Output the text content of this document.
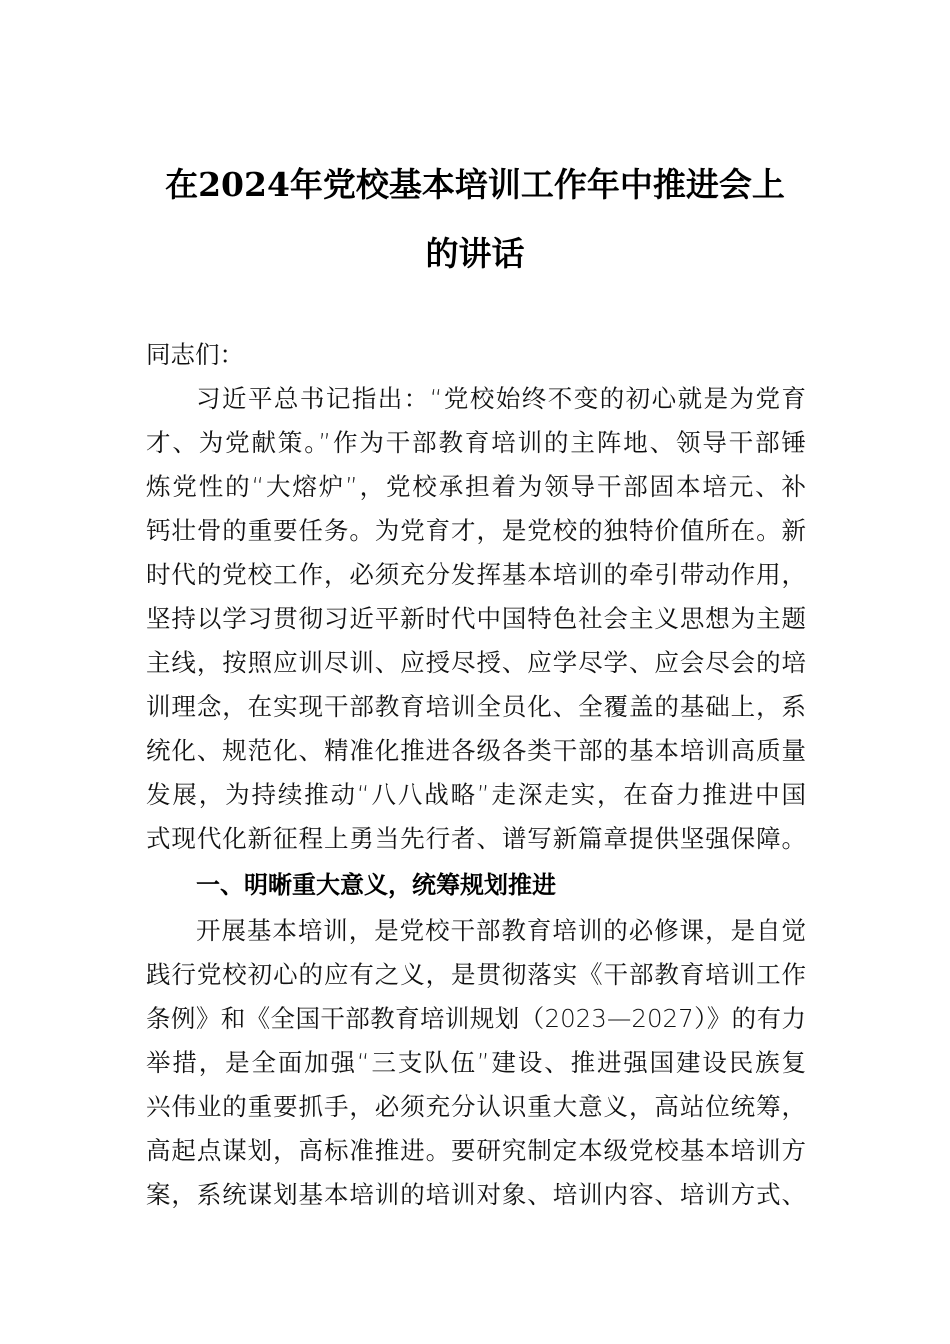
在2024年党校基本培训工作年中推进会上
的讲话
同志们：
习近平总书记指出：“党校始终不变的初心就是为党育
才、为党献策。”作为干部教育培训的主阵地、领导干部锤
炼党性的“大熔炉”，党校承担着为领导干部固本培元、补
钙壮骨的重要任务。为党育才，是党校的独特价值所在。新
时代的党校工作，必须充分发挥基本培训的牵引带动作用，
坚持以学习贯彻习近平新时代中国特色社会主义思想为主题
主线，按照应训尽训、应授尽授、应学尽学、应会尽会的培
训理念，在实现干部教育培训全员化、全覆盖的基础上，系
统化、规范化、精准化推进各级各类干部的基本培训高质量
发展，为持续推动“八八战略”走深走实，在奋力推进中国
式现代化新征程上勇当先行者、谱写新篇章提供坚强保障。
一、明晰重大意义，统筹规划推进
开展基本培训，是党校干部教育培训的必修课，是自觉
践行党校初心的应有之义，是贯彻落实《干部教育培训工作
条例》和《全国干部教育培训规划（2023—2027）》的有力
举措，是全面加强“三支队伍”建设、推进强国建设民族复
兴伟业的重要抓手，必须充分认识重大意义，高站位统筹，
高起点谋划，高标准推进。要研究制定本级党校基本培训方
案，系统谋划基本培训的培训对象、培训内容、培训方式、
